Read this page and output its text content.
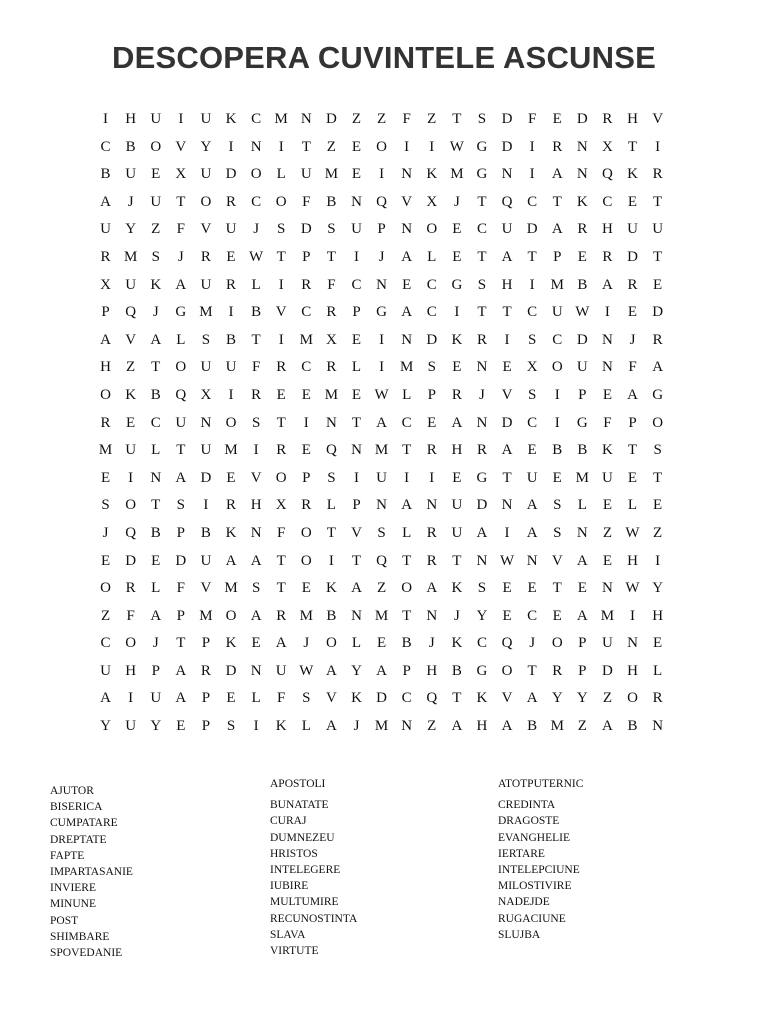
DESCOPERA CUVINTELE ASCUNSE
I	H U	I	U K C M N D	Z	Z	F	Z	T	S	D	F	E	D R H V
C	B O V Y	I	N	I	T	Z	E	O	I	I	W G D	I	R N X	T	I
B U	E	X U D O	L	U M E	I	N K M G N	I	A N Q K R
A	J	U	T	O R	C O	F	B N Q V X	J	T	Q C	T	K C	E	T
U Y	Z	F	V U	J	S	D	S	U	P	N O	E	C U D A R H U U
R M S	J	R	E W T	P	T	I	J	A	L	E	T	A	T	P	E	R D	T
X U K A U R	L	I	R	F	C N	E	C G	S	H	I	M B A R	E
P	Q	J	G M	I	B V C	R	P	G A C	I	T	T	C U W	I	E	D
A V A	L	S	B	T	I	M X	E	I	N D K R	I	S	C D N	J	R
H	Z	T	O U U	F	R	C	R	L	I	M S	E	N	E	X O U N	F	A
O K B Q X	I	R	E	E M E W L	P	R	J	V	S	I	P	E	A G
R	E	C U N O	S	T	I	N	T	A C	E	A N D C	I	G	F	P	O
M U	L	T	U M	I	R	E	Q N M T	R H R A	E	B	B K	T	S
E	I	N A D	E	V O	P	S	I	U	I	I	E	G	T	U	E M U	E	T
S	O	T	S	I	R H X R	L	P	N A N U D N A	S	L	E	L	E
J	Q B	P	B K N	F	O	T	V	S	L	R U A	I	A	S	N	Z W Z
E	D	E	D U A A	T	O	I	T	Q	T	R	T	N W N V A	E	H	I
O R	L	F	V M S	T	E	K A	Z	O A K	S	E	E	T	E	N W Y
Z	F	A	P M O A R M B N M T	N	J	Y	E	C	E	A M	I	H
C O	J	T	P	K	E	A	J	O	L	E	B	J	K C Q	J	O	P	U N	E
U H	P	A R D N U W A Y A	P	H B G O	T	R	P	D H	L
A	I	U A	P	E	L	F	S	V K D C Q	T	K V A Y Y	Z	O R
Y U Y	E	P	S	I	K	L	A	J	M N	Z	A H A B M Z	A B N
AJUTOR
BISERICA
CUMPATARE
DREPTATE
FAPTE
IMPARTASANIE
INVIERE
MINUNE
POST
SHIMBARE
SPOVEDANIE
APOSTOLI
BUNATATE
CURAJ
DUMNEZEU
HRISTOS
INTELEGERE
IUBIRE
MULTUMIRE
RECUNOSTINTA
SLAVA
VIRTUTE
ATOTPUTERNIC
CREDINTA
DRAGOSTE
EVANGHELIE
IERTARE
INTELEPCIUNE
MILOSTIVIRE
NADEJDE
RUGACIUNE
SLUJBA
